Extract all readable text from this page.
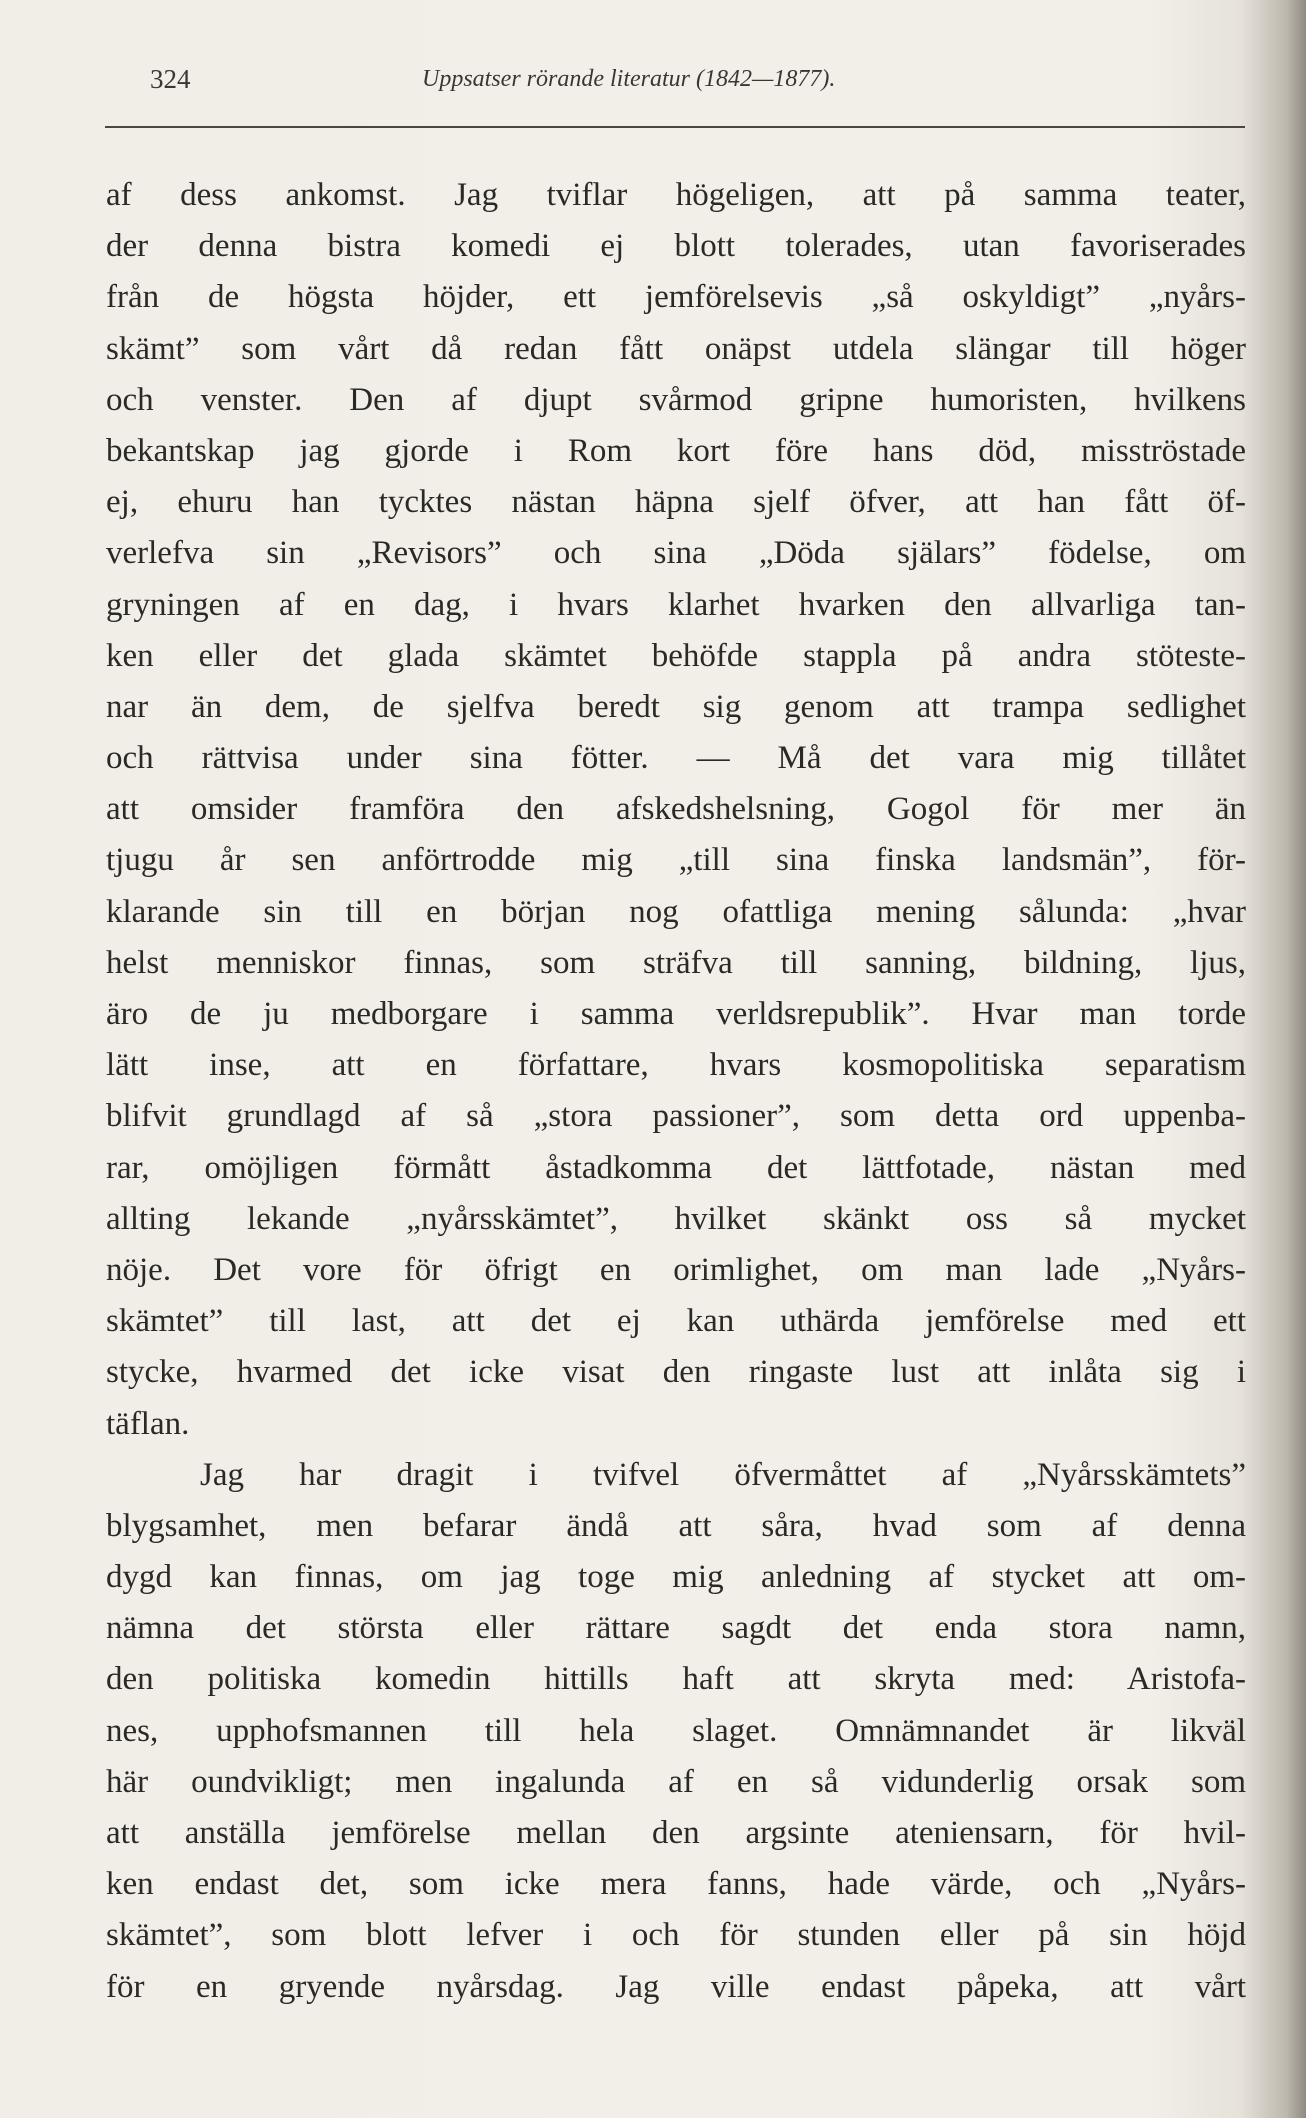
324	Uppsatser rörande literatur (1842—1877).
af dess ankomst. Jag tviflar högeligen, att på samma teater,
der denna bistra komedi ej blott tolerades, utan favoriserades
från de högsta höjder, ett jemförelsevis „så oskyldigt” „nyårs-
skämt” som vårt då redan fått onäpst utdela slängar till höger
och venster. Den af djupt svårmod gripne humoristen, hvilkens
bekantskap jag gjorde i Rom kort före hans död, misströstade
ej, ehuru han tycktes nästan häpna sjelf öfver, att han fått öf-
verlefva sin „Revisors” och sina „Döda själars” födelse, om
gryningen af en dag, i hvars klarhet hvarken den allvarliga tan-
ken eller det glada skämtet behöfde stappla på andra stöteste-
nar än dem, de sjelfva beredt sig genom att trampa sedlighet
och rättvisa under sina fötter. — Må det vara mig tillåtet
att omsider framföra den afskedshelsning, Gogol för mer än
tjugu år sen anförtrodde mig „till sina finska landsmän”, för-
klarande sin till en början nog ofattliga mening sålunda: „hvar
helst menniskor finnas, som sträfva till sanning, bildning, ljus,
äro de ju medborgare i samma verldsrepublik”. Hvar man torde
lätt inse, att en författare, hvars kosmopolitiska separatism
blifvit grundlagd af så „stora passioner”, som detta ord uppenba-
rar, omöjligen förmått åstadkomma det lättfotade, nästan med
allting lekande „nyårsskämtet”, hvilket skänkt oss så mycket
nöje. Det vore för öfrigt en orimlighet, om man lade „Nyårs-
skämtet” till last, att det ej kan uthärda jemförelse med ett
stycke, hvarmed det icke visat den ringaste lust att inlåta sig i
täflan.
Jag har dragit i tvifvel öfvermåttet af „Nyårsskämtets”
blygsamhet, men befarar ändå att såra, hvad som af denna
dygd kan finnas, om jag toge mig anledning af stycket att om-
nämna det största eller rättare sagdt det enda stora namn,
den politiska komedin hittills haft att skryta med: Aristofa-
nes, upphofsmannen till hela slaget. Omnämnandet är likväl
här oundvikligt; men ingalunda af en så vidunderlig orsak som
att anställa jemförelse mellan den argsinte ateniensarn, för hvil-
ken endast det, som icke mera fanns, hade värde, och „Nyårs-
skämtet”, som blott lefver i och för stunden eller på sin höjd
för en gryende nyårsdag. Jag ville endast påpeka, att vårt
